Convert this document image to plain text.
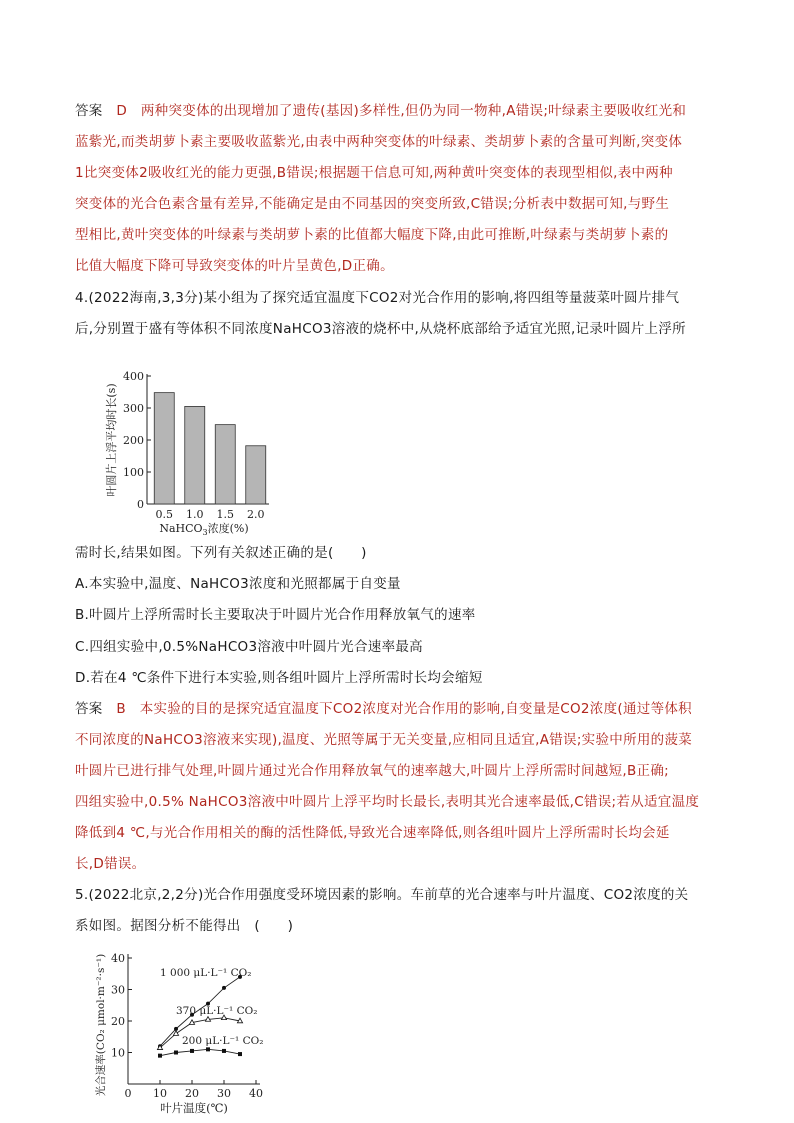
答案 D 两种突变体的出现增加了遗传(基因)多样性,但仍为同一物种,A错误;叶绿素主要吸收红光和
蓝紫光,而类胡萝卜素主要吸收蓝紫光,由表中两种突变体的叶绿素、类胡萝卜素的含量可判断,突变体
1比突变体2吸收红光的能力更强,B错误;根据题干信息可知,两种黄叶突变体的表现型相似,表中两种
突变体的光合色素含量有差异,不能确定是由不同基因的突变所致,C错误;分析表中数据可知,与野生
型相比,黄叶突变体的叶绿素与类胡萝卜素的比值都大幅度下降,由此可推断,叶绿素与类胡萝卜素的
比值大幅度下降可导致突变体的叶片呈黄色,D正确。
4.(2022海南,3,3分)某小组为了探究适宜温度下CO2对光合作用的影响,将四组等量菠菜叶圆片排气
后,分别置于盛有等体积不同浓度NaHCO3溶液的烧杯中,从烧杯底部给予适宜光照,记录叶圆片上浮所
0
100
200
300
400
0.5 1.0 1.5 2.0
NaHCO$_3$浓度(%)
叶圆片上浮平均时长(s)
需时长,结果如图。下列有关叙述正确的是(　　)
A.本实验中,温度、NaHCO3浓度和光照都属于自变量
B.叶圆片上浮所需时长主要取决于叶圆片光合作用释放氧气的速率
C.四组实验中,0.5%NaHCO3溶液中叶圆片光合速率最高
D.若在4 ℃条件下进行本实验,则各组叶圆片上浮所需时长均会缩短
答案 B 本实验的目的是探究适宜温度下CO2浓度对光合作用的影响,自变量是CO2浓度(通过等体积
不同浓度的NaHCO3溶液来实现),温度、光照等属于无关变量,应相同且适宜,A错误;实验中所用的菠菜
叶圆片已进行排气处理,叶圆片通过光合作用释放氧气的速率越大,叶圆片上浮所需时间越短,B正确;
四组实验中,0.5% NaHCO3溶液中叶圆片上浮平均时长最长,表明其光合速率最低,C错误;若从适宜温度
降低到4 ℃,与光合作用相关的酶的活性降低,导致光合速率降低,则各组叶圆片上浮所需时长均会延
长,D错误。
5.(2022北京,2,2分)光合作用强度受环境因素的影响。车前草的光合速率与叶片温度、CO2浓度的关
系如图。据图分析不能得出　(　　)
10
20
30
40
0 10 20 30 40
1 000 μL·L⁻¹ CO₂
370 μL·L⁻¹ CO₂
200 μL·L⁻¹ CO₂
叶片温度(℃)
光合速率(CO₂ μmol·m⁻²·s⁻¹)
